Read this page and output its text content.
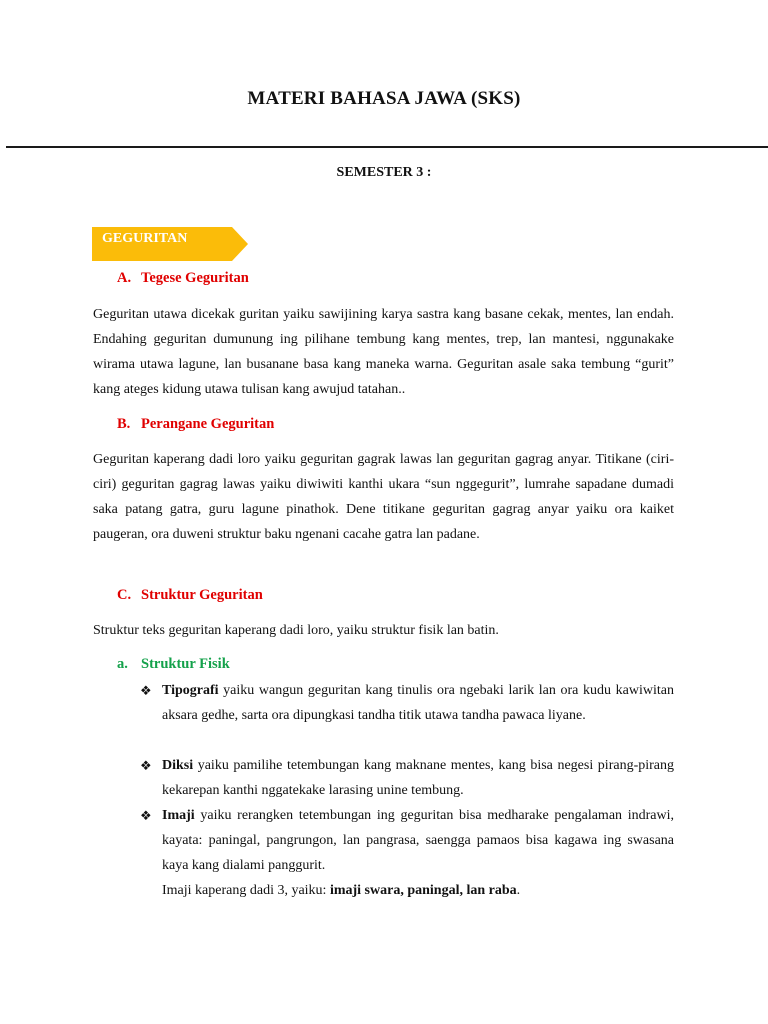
MATERI BAHASA JAWA (SKS)
SEMESTER 3 :
GEGURITAN
A. Tegese Geguritan
Geguritan utawa dicekak guritan yaiku sawijining karya sastra kang basane cekak, mentes, lan endah. Endahing geguritan dumunung ing pilihane tembung kang mentes, trep, lan mantesi, nggunakake wirama utawa lagune, lan busanane basa kang maneka warna. Geguritan asale saka tembung “gurit” kang ateges kidung utawa tulisan kang awujud tatahan..
B. Perangane Geguritan
Geguritan kaperang dadi loro yaiku geguritan gagrak lawas lan geguritan gagrag anyar. Titikane (ciri-ciri) geguritan gagrag lawas yaiku diwiwiti kanthi ukara “sun nggegurit”, lumrahe sapadane dumadi saka patang gatra, guru lagune pinathok. Dene titikane geguritan gagrag anyar yaiku ora kaiket paugeran, ora duweni struktur baku ngenani cacahe gatra lan padane.
C. Struktur Geguritan
Struktur teks geguritan kaperang dadi loro, yaiku struktur fisik lan batin.
a. Struktur Fisik
❖ Tipografi yaiku wangun geguritan kang tinulis ora ngebaki larik lan ora kudu kawiwitan aksara gedhe, sarta ora dipungkasi tandha titik utawa tandha pawaca liyane.
❖ Diksi yaiku pamilihe tetembungan kang maknane mentes, kang bisa negesi pirang-pirang kekarepan kanthi nggatekake larasing unine tembung.
❖ Imaji yaiku rerangken tetembungan ing geguritan bisa medharake pengalaman indrawi, kayata: paningal, pangrungon, lan pangrasa, saengga pamaos bisa kagawa ing swasana kaya kang dialami panggurit.
Imaji kaperang dadi 3, yaiku: imaji swara, paningal, lan raba.
